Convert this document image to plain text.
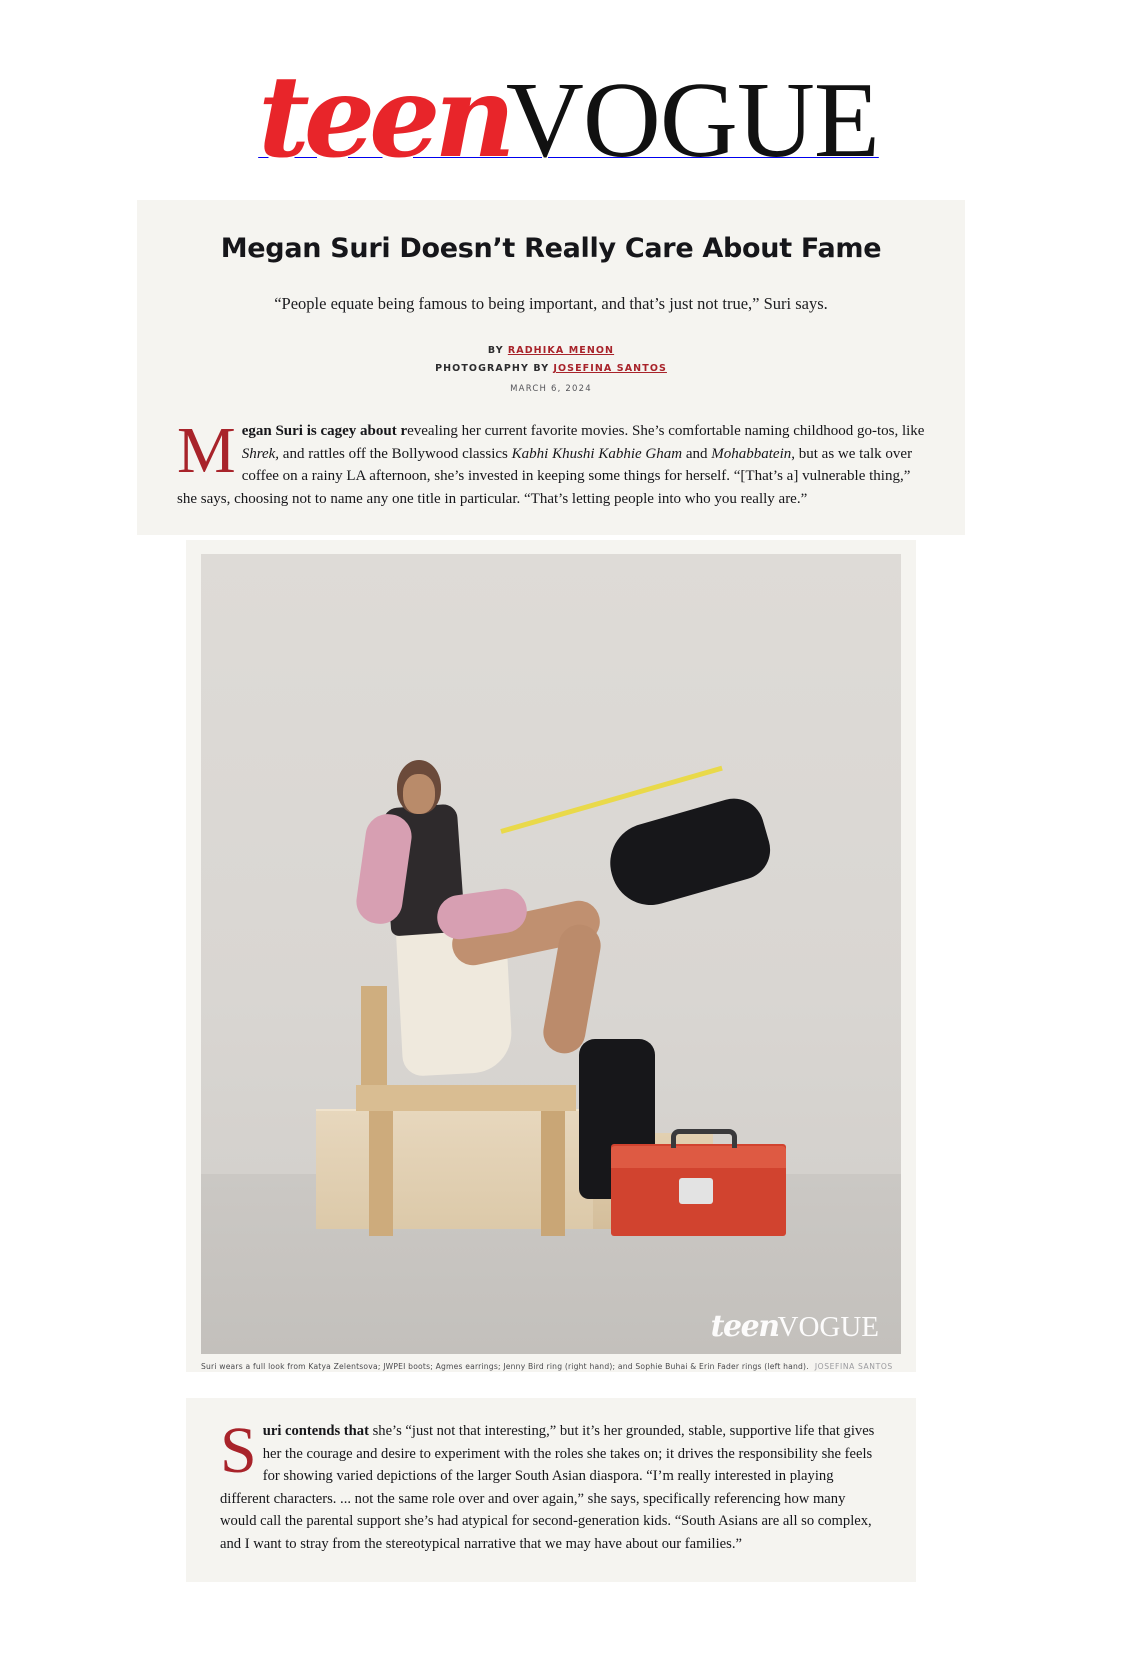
teenVOGUE
Megan Suri Doesn’t Really Care About Fame

“People equate being famous to being important, and that’s just not true,” Suri says.

BY RADHIKA MENON
PHOTOGRAPHY BY JOSEFINA SANTOS
MARCH 6, 2024

Megan Suri is cagey about revealing her current favorite movies. She’s comfortable naming childhood go-tos, like Shrek, and rattles off the Bollywood classics Kabhi Khushi Kabhie Gham and Mohabbatein, but as we talk over coffee on a rainy LA afternoon, she’s invested in keeping some things for herself. “[That’s a] vulnerable thing,” she says, choosing not to name any one title in particular. “That’s letting people into who you really are.”

teenVOGUE
Suri wears a full look from Katya Zelentsova; JWPEI boots; Agmes earrings; Jenny Bird ring (right hand); and Sophie Buhai & Erin Fader rings (left hand). JOSEFINA SANTOS

Suri contends that she’s “just not that interesting,” but it’s her grounded, stable, supportive life that gives her the courage and desire to experiment with the roles she takes on; it drives the responsibility she feels for showing varied depictions of the larger South Asian diaspora. “I’m really interested in playing different characters. ... not the same role over and over again,” she says, specifically referencing how many would call the parental support she’s had atypical for second-generation kids. “South Asians are all so complex, and I want to stray from the stereotypical narrative that we may have about our families.”
